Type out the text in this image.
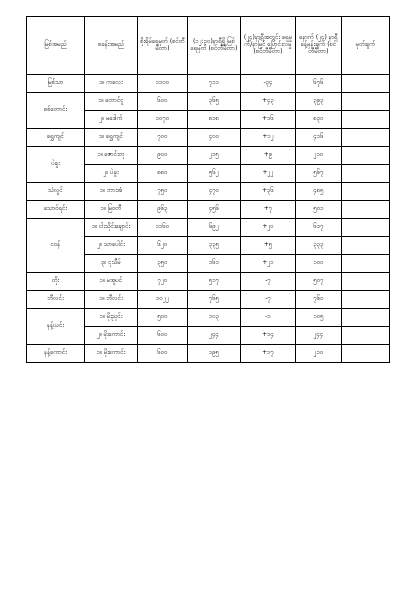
မြစ်အမည်	စခန်းအမည်	စိုးရိမ်ရေမှတ် (စင်တီမီတာ)	(၁၂:၃၀)နာရီရှိ မြစ်ရေမှတ် (စင်တီမီတာ)	(၂၄)နာရီအတွင်း ရေမှုက်/နာမြင် ပြောင်းလဲမှု (စင်တီမီတာ)	နောက် (၂၄) နာရီ ခန့်မှန်းချက် (စင်တီမီတာ)	မှတ်ချက်
မြစ်သာ	၁။ ကလေး	၁၁၀၀	၇၁၁	-၃၄	၆၇၆	
စစ်တောင်း	၁။ တောင်ငူ	၆၀၀	၃၆၅	+၄၃	၃၉၃	
	၂။ မဒေါက်	၁၀၇၀	၈၁၈	+၁၆	၈၃၀	
ရွှေကျင်	၁။ ရွှေကျင်	၇၀၀	၄၀၀	+၁၂	၄၁၆	
ပဲခူး	၁။ ဇောင်းတု	၉၀၀	၂၁၅	+၉	၂၁၀	
	၂။ ပဲခူး	၈၈၀	၅၆၂	+၂၂	၅၆၇	
သံလွင်	၁။ ဘားအံ	၇၅၀	၄၇၀	+၃၆	၄၈၅	
သောင်ရင်း	၁။ မြဝတီ	၉၆၃	၄၅၆	+၇	၅၀၁	
ငဝန်	၁။ ငါးသိုင်းချောင်း	၁၁၆၀	၆၉၂	+၂၀	၆၁၇	
	၂။ သာပေါင်း	၆၂၀	၃၃၅	+၅	၃၃၃	
	၃။ ငုသီမ်	၃၅၀	၁၆၁	+၂၁	၁၀၀	
တိုး	၁။ မအူပင်	၇၂၀	၅၁၇	-၇	၅၀၇	
ဘီလင်း	၁။ ဘီလင်း	၁၀၂၂	၇၆၅	-၇	၇၆၀	
နန့်ယင်း	၁။ မိုးညှင်း	၅၀၀	၁၀၃	-၁	၁၀၅	
	၂။ မိုးကောင်း	၆၀၀	၂၄၄	+၁၄	၂၄၄	
နန့်ကောင်း	၁။ မိုးကောင်း	၆၀၀	၁၉၅	+၁၇	၂၁၀	
